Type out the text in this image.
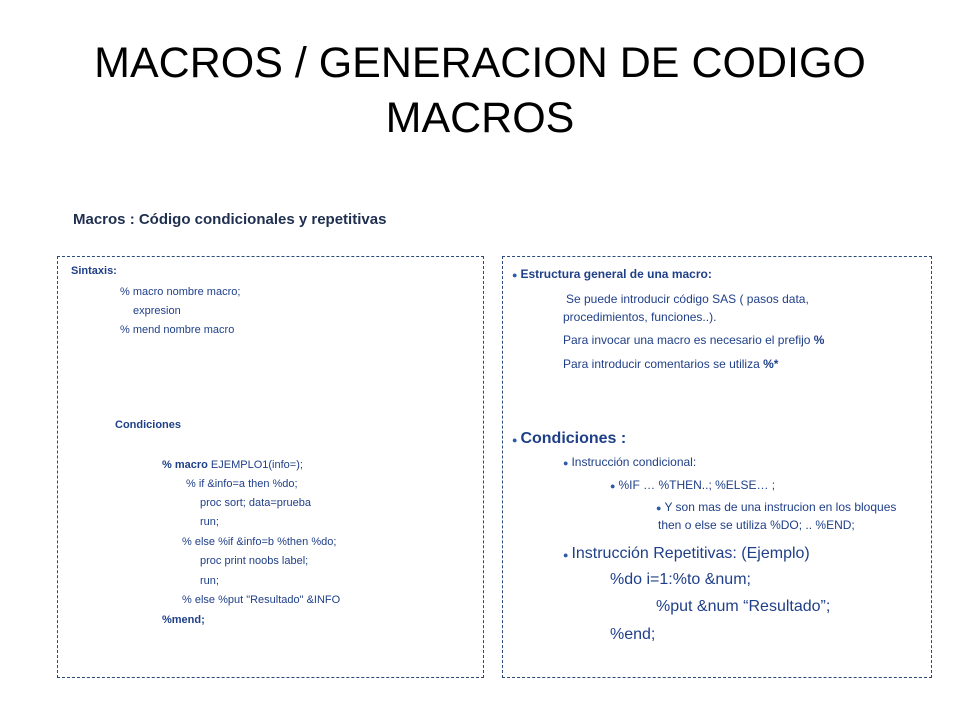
MACROS / GENERACION DE CODIGO
MACROS
Macros : Código condicionales y repetitivas
Sintaxis:
% macro nombre macro;
expresion
% mend nombre macro
Condiciones
% macro EJEMPLO1(info=);
% if &info=a then %do;
proc sort; data=prueba
run;
% else %if &info=b %then %do;
proc print noobs label;
run;
% else %put "Resultado" &INFO
%mend;
● Estructura general de una macro:
Se puede introducir código SAS ( pasos data,
procedimientos, funciones..).
Para invocar una macro es necesario el prefijo %
Para introducir comentarios se utiliza %*
● Condiciones :
● Instrucción condicional:
● %IF … %THEN..; %ELSE… ;
● Y son mas de una instrucion en los bloques
then o else se utiliza %DO; .. %END;
● Instrucción Repetitivas: (Ejemplo)
%do i=1:%to &num;
%put &num “Resultado”;
%end;
